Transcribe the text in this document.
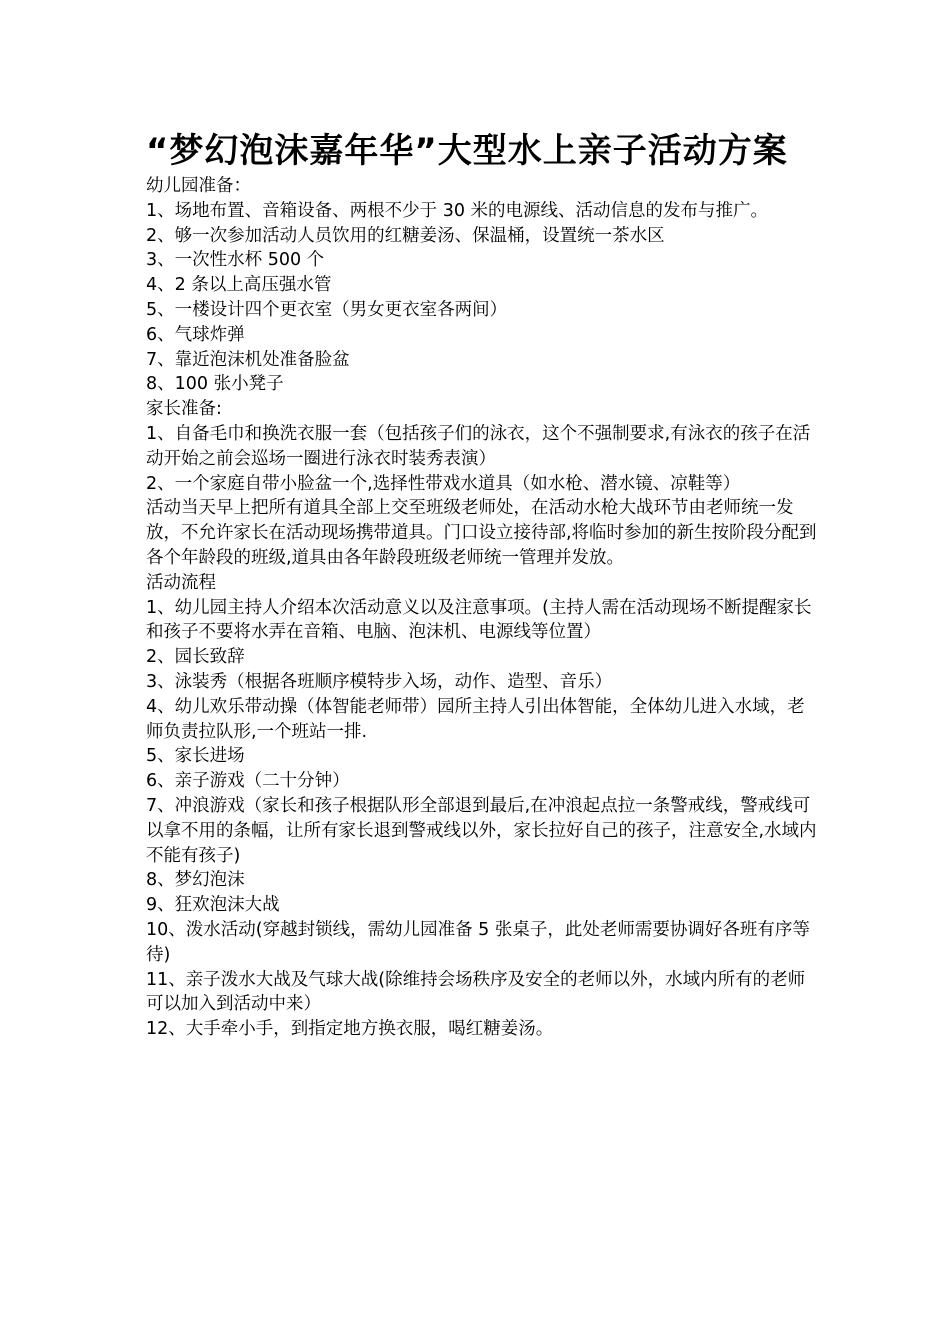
“梦幻泡沫嘉年华”大型水上亲子活动方案

幼儿园准备：

1、场地布置、音箱设备、两根不少于 30 米的电源线、活动信息的发布与推广。

2、够一次参加活动人员饮用的红糖姜汤、保温桶，设置统一茶水区

3、一次性水杯 500 个

4、2 条以上高压强水管

5、一楼设计四个更衣室（男女更衣室各两间）

6、气球炸弹

7、靠近泡沫机处准备脸盆

8、100 张小凳子

家长准备:

1、自备毛巾和换洗衣服一套（包括孩子们的泳衣，这个不强制要求,有泳衣的孩子在活动开始之前会巡场一圈进行泳衣时装秀表演）

2、一个家庭自带小脸盆一个,选择性带戏水道具（如水枪、潜水镜、凉鞋等）

活动当天早上把所有道具全部上交至班级老师处，在活动水枪大战环节由老师统一发放，不允许家长在活动现场携带道具。门口设立接待部,将临时参加的新生按阶段分配到各个年龄段的班级,道具由各年龄段班级老师统一管理并发放。

活动流程

1、幼儿园主持人介绍本次活动意义以及注意事项。(主持人需在活动现场不断提醒家长和孩子不要将水弄在音箱、电脑、泡沫机、电源线等位置）

2、园长致辞

3、泳装秀（根据各班顺序模特步入场，动作、造型、音乐）

4、幼儿欢乐带动操（体智能老师带）园所主持人引出体智能，全体幼儿进入水域，老师负责拉队形,一个班站一排.

5、家长进场

6、亲子游戏（二十分钟）

7、冲浪游戏（家长和孩子根据队形全部退到最后,在冲浪起点拉一条警戒线，警戒线可以拿不用的条幅，让所有家长退到警戒线以外，家长拉好自己的孩子，注意安全,水域内不能有孩子)

8、梦幻泡沫

9、狂欢泡沫大战

10、泼水活动(穿越封锁线，需幼儿园准备 5 张桌子，此处老师需要协调好各班有序等待)

11、亲子泼水大战及气球大战(除维持会场秩序及安全的老师以外，水域内所有的老师可以加入到活动中来）

12、大手牵小手，到指定地方换衣服，喝红糖姜汤。
